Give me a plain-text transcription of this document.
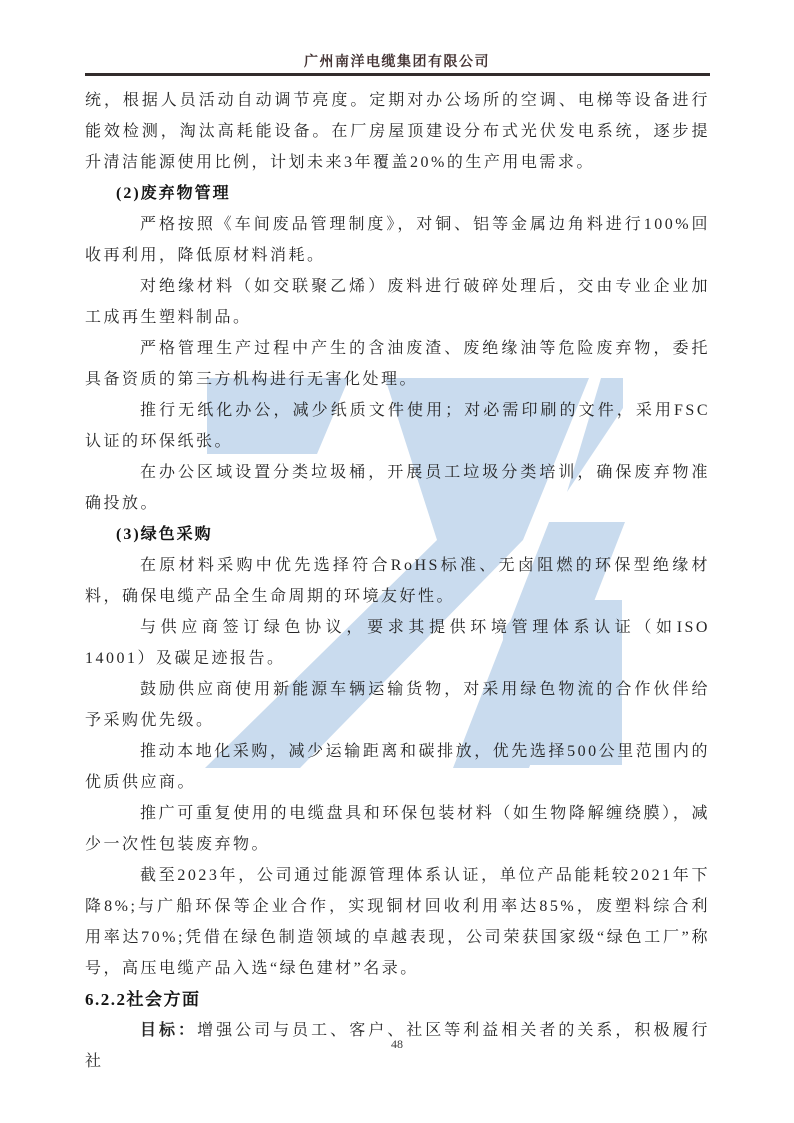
广州南洋电缆集团有限公司

统，根据人员活动自动调节亮度。定期对办公场所的空调、电梯等设备进行能效检测，淘汰高耗能设备。在厂房屋顶建设分布式光伏发电系统，逐步提升清洁能源使用比例，计划未来3年覆盖20%的生产用电需求。

(2)废弃物管理

严格按照《车间废品管理制度》，对铜、铝等金属边角料进行100%回收再利用，降低原材料消耗。

对绝缘材料（如交联聚乙烯）废料进行破碎处理后，交由专业企业加工成再生塑料制品。

严格管理生产过程中产生的含油废渣、废绝缘油等危险废弃物，委托具备资质的第三方机构进行无害化处理。

推行无纸化办公，减少纸质文件使用；对必需印刷的文件，采用FSC认证的环保纸张。

在办公区域设置分类垃圾桶，开展员工垃圾分类培训，确保废弃物准确投放。

(3)绿色采购

在原材料采购中优先选择符合RoHS标准、无卤阻燃的环保型绝缘材料，确保电缆产品全生命周期的环境友好性。

与供应商签订绿色协议，要求其提供环境管理体系认证（如ISO 14001）及碳足迹报告。

鼓励供应商使用新能源车辆运输货物，对采用绿色物流的合作伙伴给予采购优先级。

推动本地化采购，减少运输距离和碳排放，优先选择500公里范围内的优质供应商。

推广可重复使用的电缆盘具和环保包装材料（如生物降解缠绕膜），减少一次性包装废弃物。

截至2023年，公司通过能源管理体系认证，单位产品能耗较2021年下降8%;与广船环保等企业合作，实现铜材回收利用率达85%，废塑料综合利用率达70%;凭借在绿色制造领域的卓越表现，公司荣获国家级“绿色工厂”称号，高压电缆产品入选“绿色建材”名录。

6.2.2社会方面

目标：增强公司与员工、客户、社区等利益相关者的关系，积极履行社

48
